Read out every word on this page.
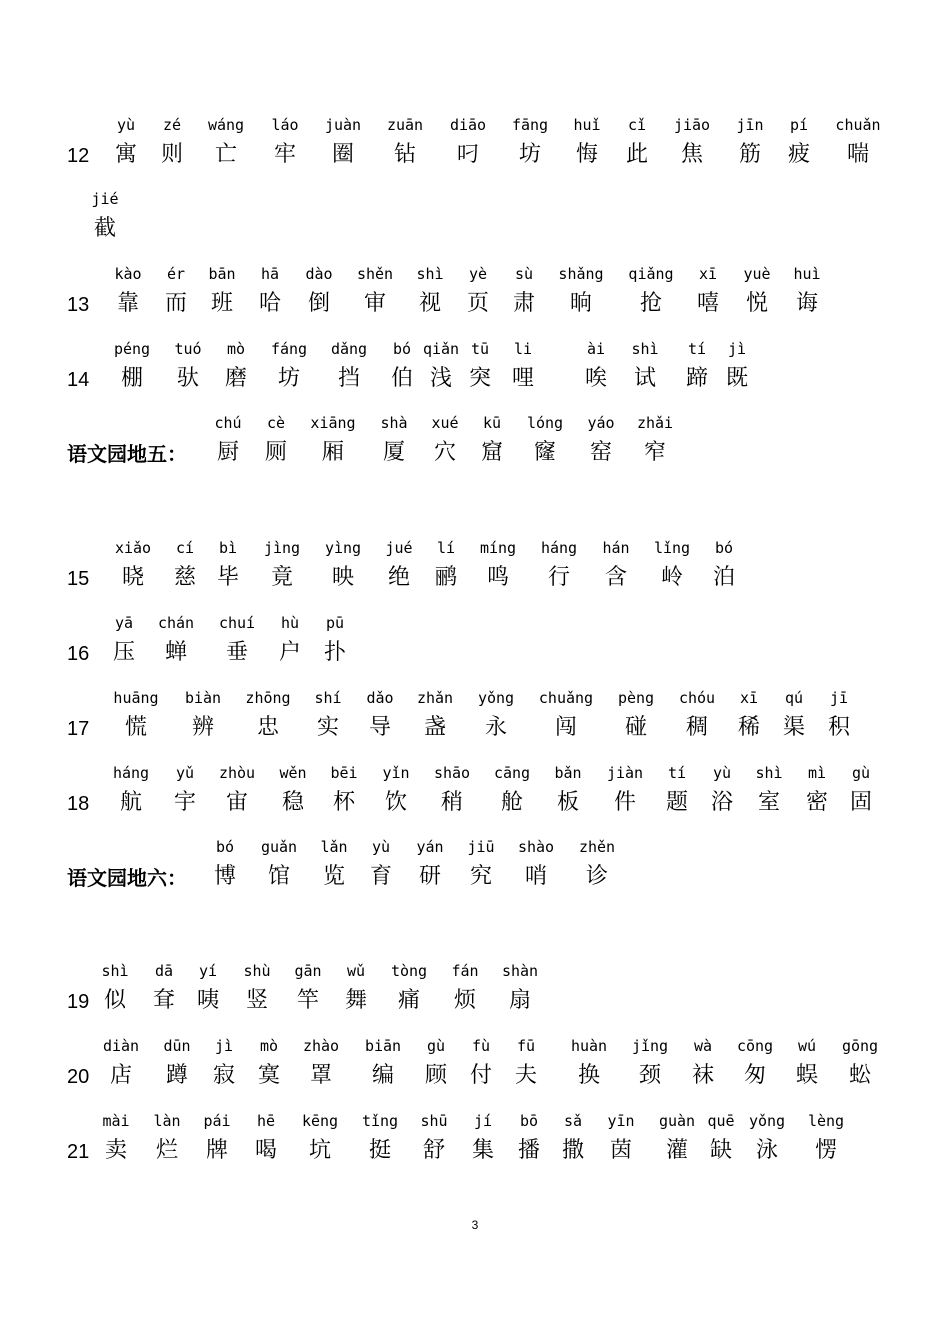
12
yù
寓
zé
则
wáng
亡
láo
牢
juàn
圈
zuān
钻
diāo
叼
fāng
坊
huǐ
悔
cǐ
此
jiāo
焦
jīn
筋
pí
疲
chuǎn
喘
jié
截
13
kào
靠
ér
而
bān
班
hā
哈
dào
倒
shěn
审
shì
视
yè
页
sù
肃
shǎng
晌
qiǎng
抢
xī
嘻
yuè
悦
huì
诲
14
péng
棚
tuó
驮
mò
磨
fáng
坊
dǎng
挡
bó
伯
qiǎn
浅
tū
突
li
哩
ài
唉
shì
试
tí
蹄
jì
既
语文园地五：
chú
厨
cè
厕
xiāng
厢
shà
厦
xué
穴
kū
窟
lóng
窿
yáo
窑
zhǎi
窄
15
xiǎo
晓
cí
慈
bì
毕
jìng
竟
yìng
映
jué
绝
lí
鹂
míng
鸣
háng
行
hán
含
lǐng
岭
bó
泊
16
yā
压
chán
蝉
chuí
垂
hù
户
pū
扑
17
huāng
慌
biàn
辨
zhōng
忠
shí
实
dǎo
导
zhǎn
盏
yǒng
永
chuǎng
闯
pèng
碰
chóu
稠
xī
稀
qú
渠
jī
积
18
háng
航
yǔ
宇
zhòu
宙
wěn
稳
bēi
杯
yǐn
饮
shāo
稍
cāng
舱
bǎn
板
jiàn
件
tí
题
yù
浴
shì
室
mì
密
gù
固
语文园地六：
bó
博
guǎn
馆
lǎn
览
yù
育
yán
研
jiū
究
shào
哨
zhěn
诊
19
shì
似
dā
耷
yí
咦
shù
竖
gān
竿
wǔ
舞
tòng
痛
fán
烦
shàn
扇
20
diàn
店
dūn
蹲
jì
寂
mò
寞
zhào
罩
biān
编
gù
顾
fù
付
fū
夫
huàn
换
jǐng
颈
wà
袜
cōng
匆
wú
蜈
gōng
蚣
21
mài
卖
làn
烂
pái
牌
hē
喝
kēng
坑
tǐng
挺
shū
舒
jí
集
bō
播
sǎ
撒
yīn
茵
guàn
灌
quē
缺
yǒng
泳
lèng
愣
3
